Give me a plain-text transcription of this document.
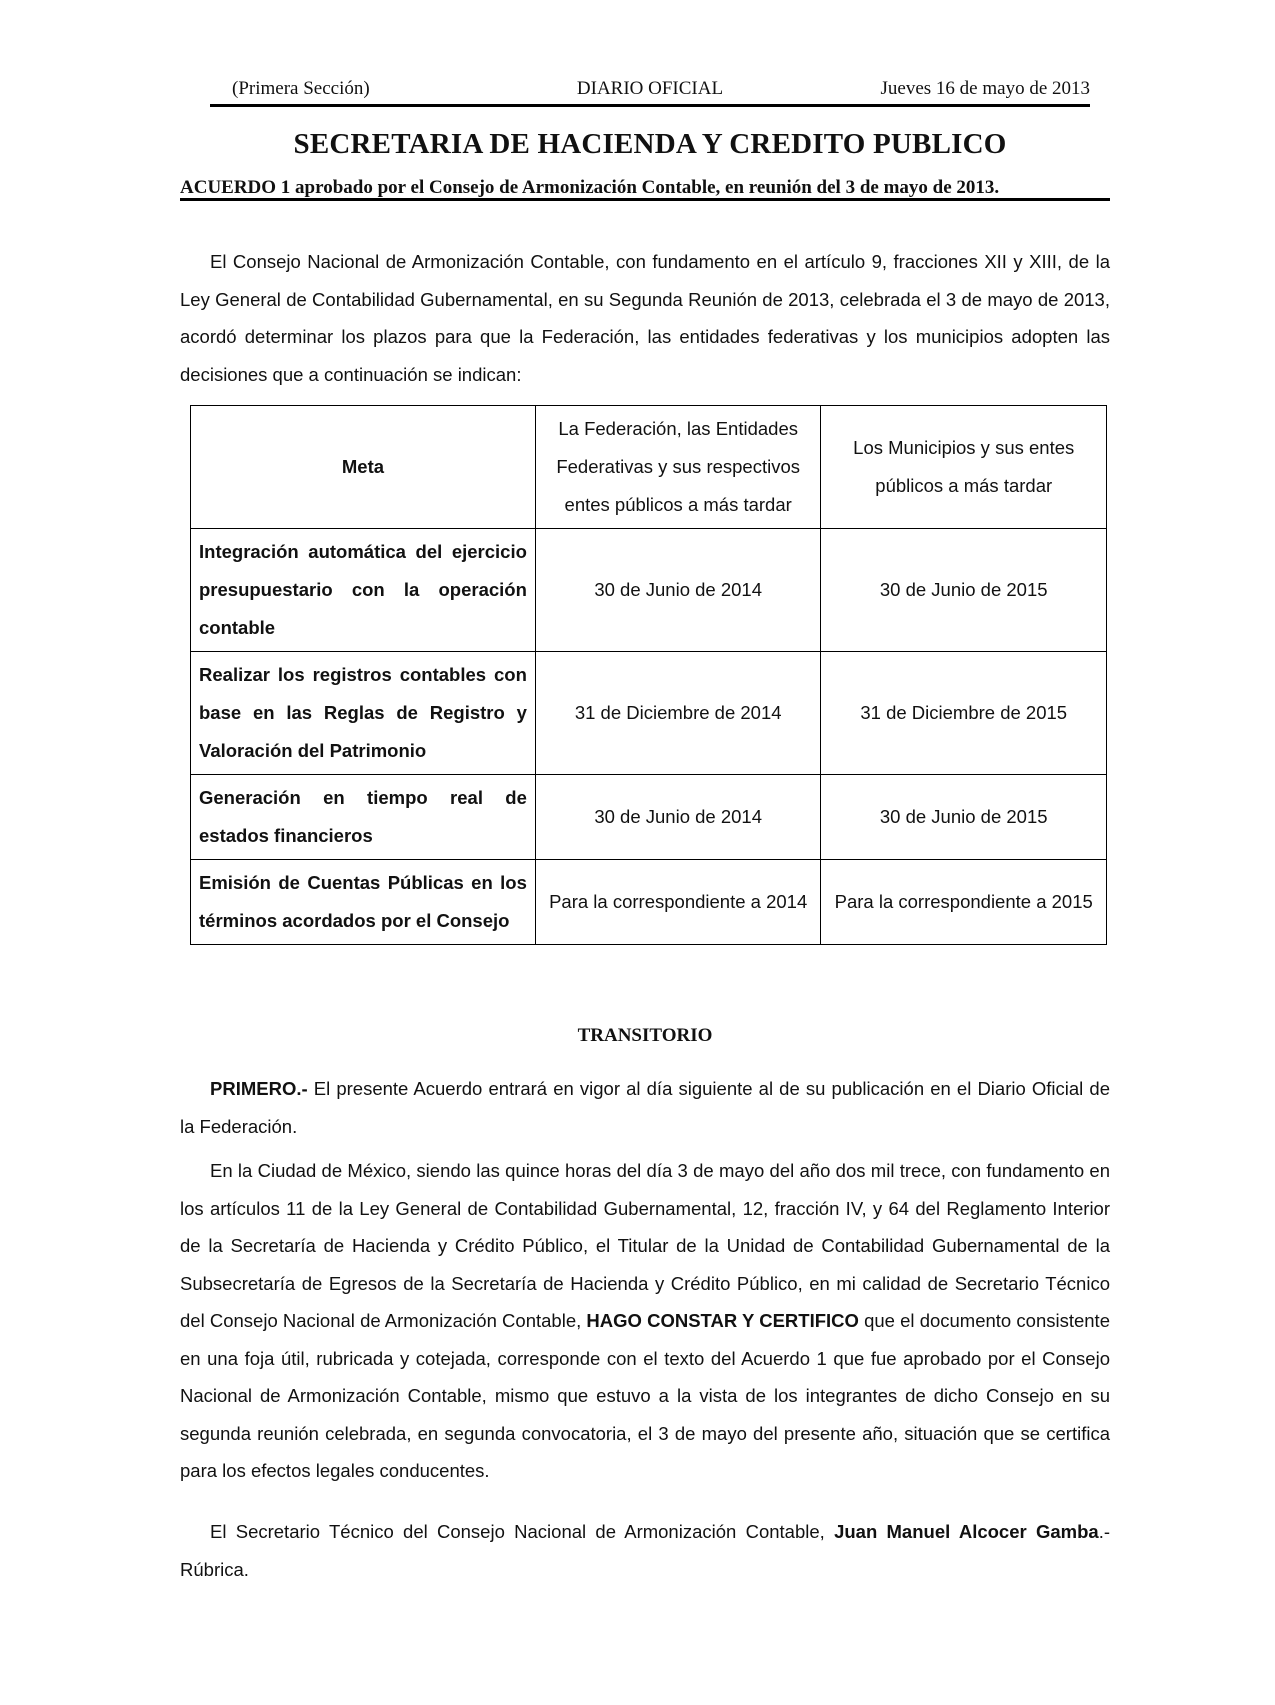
(Primera Sección)	DIARIO OFICIAL	Jueves 16 de mayo de 2013
SECRETARIA DE HACIENDA Y CREDITO PUBLICO
ACUERDO 1 aprobado por el Consejo de Armonización Contable, en reunión del 3 de mayo de 2013.

El Consejo Nacional de Armonización Contable, con fundamento en el artículo 9, fracciones XII y XIII, de la Ley General de Contabilidad Gubernamental, en su Segunda Reunión de 2013, celebrada el 3 de mayo de 2013, acordó determinar los plazos para que la Federación, las entidades federativas y los municipios adopten las decisiones que a continuación se indican:

Meta	La Federación, las Entidades Federativas y sus respectivos entes públicos a más tardar	Los Municipios y sus entes públicos a más tardar
Integración automática del ejercicio presupuestario con la operación contable	30 de Junio de 2014	30 de Junio de 2015
Realizar los registros contables con base en las Reglas de Registro y Valoración del Patrimonio	31 de Diciembre de 2014	31 de Diciembre de 2015
Generación en tiempo real de estados financieros	30 de Junio de 2014	30 de Junio de 2015
Emisión de Cuentas Públicas en los términos acordados por el Consejo	Para la correspondiente a 2014	Para la correspondiente a 2015
TRANSITORIO

PRIMERO.- El presente Acuerdo entrará en vigor al día siguiente al de su publicación en el Diario Oficial de la Federación.

En la Ciudad de México, siendo las quince horas del día 3 de mayo del año dos mil trece, con fundamento en los artículos 11 de la Ley General de Contabilidad Gubernamental, 12, fracción IV, y 64 del Reglamento Interior de la Secretaría de Hacienda y Crédito Público, el Titular de la Unidad de Contabilidad Gubernamental de la Subsecretaría de Egresos de la Secretaría de Hacienda y Crédito Público, en mi calidad de Secretario Técnico del Consejo Nacional de Armonización Contable, HAGO CONSTAR Y CERTIFICO que el documento consistente en una foja útil, rubricada y cotejada, corresponde con el texto del Acuerdo 1 que fue aprobado por el Consejo Nacional de Armonización Contable, mismo que estuvo a la vista de los integrantes de dicho Consejo en su segunda reunión celebrada, en segunda convocatoria, el 3 de mayo del presente año, situación que se certifica para los efectos legales conducentes.

El Secretario Técnico del Consejo Nacional de Armonización Contable, Juan Manuel Alcocer Gamba.- Rúbrica.
